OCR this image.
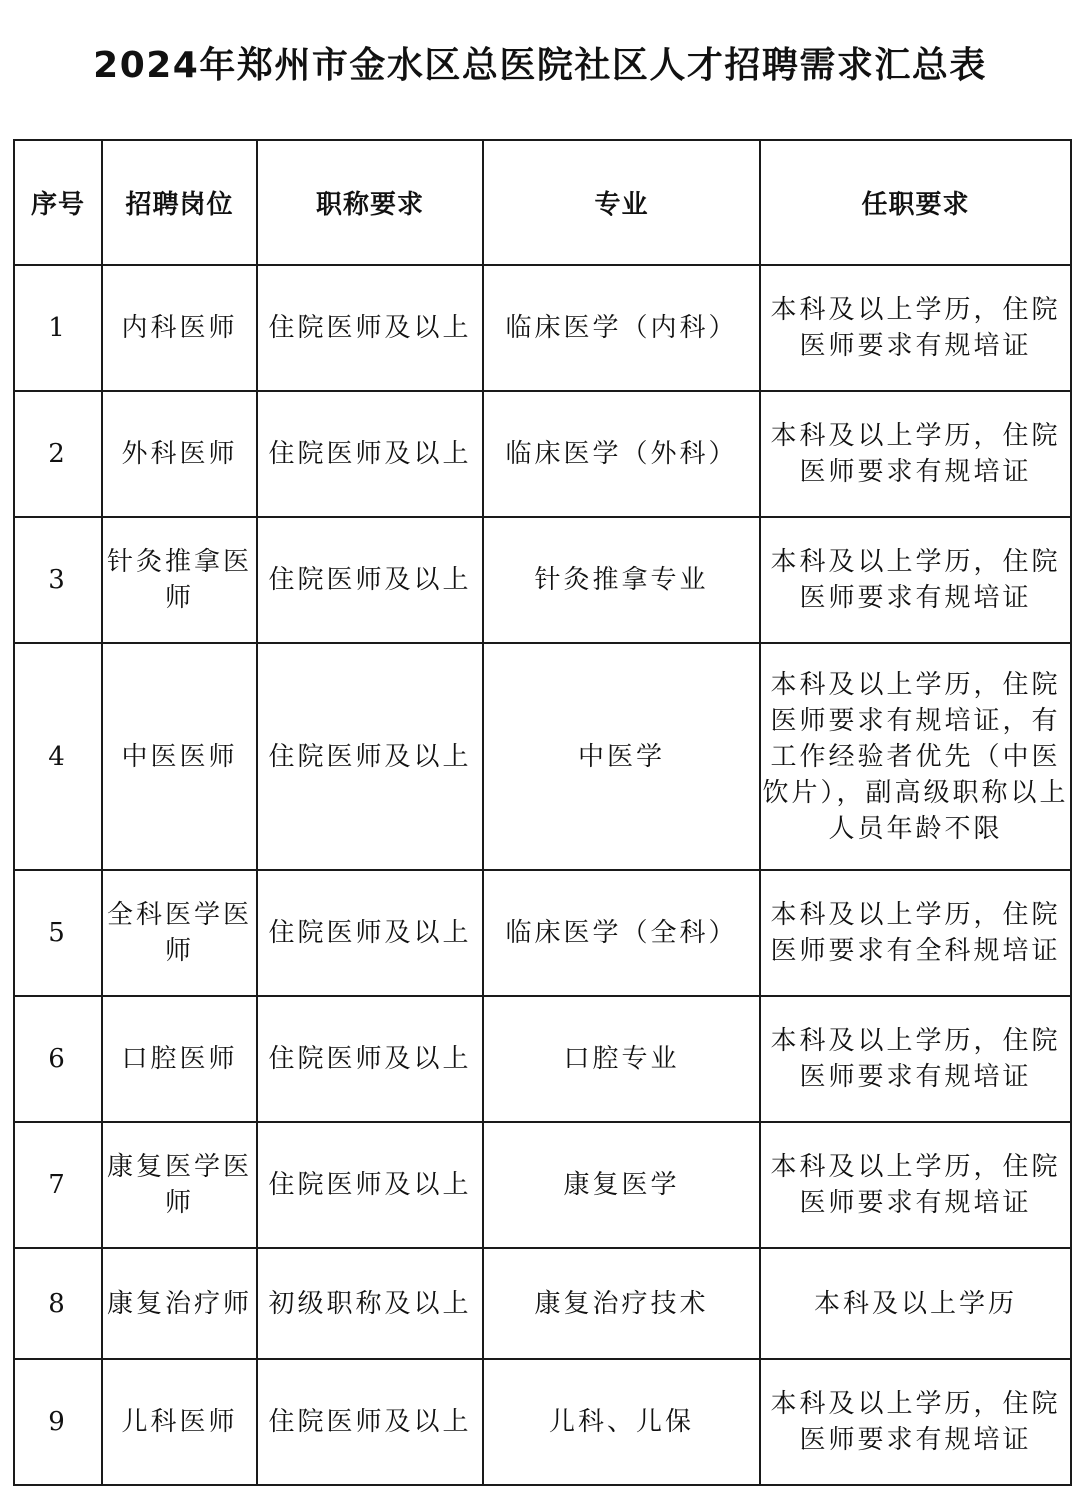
2024年郑州市金水区总医院社区人才招聘需求汇总表
序号	招聘岗位	职称要求	专业	任职要求
1	内科医师	住院医师及以上	临床医学（内科）	本科及以上学历，住院医师要求有规培证
2	外科医师	住院医师及以上	临床医学（外科）	本科及以上学历，住院医师要求有规培证
3	针灸推拿医师	住院医师及以上	针灸推拿专业	本科及以上学历，住院医师要求有规培证
4	中医医师	住院医师及以上	中医学	本科及以上学历，住院医师要求有规培证，有工作经验者优先（中医饮片），副高级职称以上人员年龄不限
5	全科医学医师	住院医师及以上	临床医学（全科）	本科及以上学历，住院医师要求有全科规培证
6	口腔医师	住院医师及以上	口腔专业	本科及以上学历，住院医师要求有规培证
7	康复医学医师	住院医师及以上	康复医学	本科及以上学历，住院医师要求有规培证
8	康复治疗师	初级职称及以上	康复治疗技术	本科及以上学历
9	儿科医师	住院医师及以上	儿科、儿保	本科及以上学历，住院医师要求有规培证
